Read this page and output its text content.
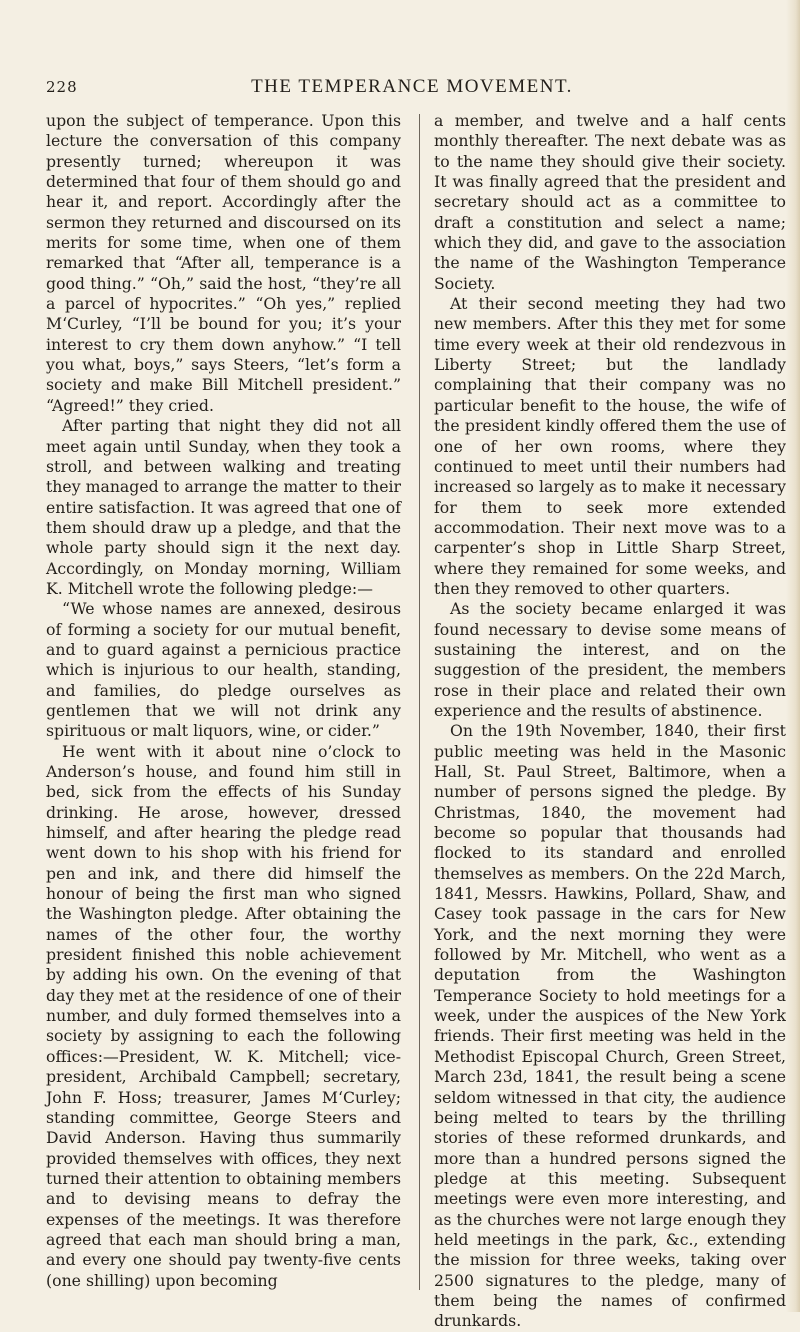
228	THE TEMPERANCE MOVEMENT.

upon the subject of temperance. Upon this lecture the conversation of this company presently turned; whereupon it was determined that four of them should go and hear it, and report. Accordingly after the sermon they returned and discoursed on its merits for some time, when one of them remarked that “After all, temperance is a good thing.” “Oh,” said the host, “they’re all a parcel of hypocrites.” “Oh yes,” replied M‘Curley, “I’ll be bound for you; it’s your interest to cry them down anyhow.” “I tell you what, boys,” says Steers, “let’s form a society and make Bill Mitchell president.” “Agreed!” they cried.

After parting that night they did not all meet again until Sunday, when they took a stroll, and between walking and treating they managed to arrange the matter to their entire satisfaction. It was agreed that one of them should draw up a pledge, and that the whole party should sign it the next day. Accordingly, on Monday morning, William K. Mitchell wrote the following pledge:—

“We whose names are annexed, desirous of forming a society for our mutual benefit, and to guard against a pernicious practice which is injurious to our health, standing, and families, do pledge ourselves as gentlemen that we will not drink any spirituous or malt liquors, wine, or cider.”

He went with it about nine o’clock to Anderson’s house, and found him still in bed, sick from the effects of his Sunday drinking. He arose, however, dressed himself, and after hearing the pledge read went down to his shop with his friend for pen and ink, and there did himself the honour of being the first man who signed the Washington pledge. After obtaining the names of the other four, the worthy president finished this noble achievement by adding his own. On the evening of that day they met at the residence of one of their number, and duly formed themselves into a society by assigning to each the following offices:—President, W. K. Mitchell; vice-president, Archibald Campbell; secretary, John F. Hoss; treasurer, James M‘Curley; standing committee, George Steers and David Anderson. Having thus summarily provided themselves with offices, they next turned their attention to obtaining members and to devising means to defray the expenses of the meetings. It was therefore agreed that each man should bring a man, and every one should pay twenty-five cents (one shilling) upon becoming

a member, and twelve and a half cents monthly thereafter. The next debate was as to the name they should give their society. It was finally agreed that the president and secretary should act as a committee to draft a constitution and select a name; which they did, and gave to the association the name of the Washington Temperance Society.

At their second meeting they had two new members. After this they met for some time every week at their old rendezvous in Liberty Street; but the landlady complaining that their company was no particular benefit to the house, the wife of the president kindly offered them the use of one of her own rooms, where they continued to meet until their numbers had increased so largely as to make it necessary for them to seek more extended accommodation. Their next move was to a carpenter’s shop in Little Sharp Street, where they remained for some weeks, and then they removed to other quarters.

As the society became enlarged it was found necessary to devise some means of sustaining the interest, and on the suggestion of the president, the members rose in their place and related their own experience and the results of abstinence.

On the 19th November, 1840, their first public meeting was held in the Masonic Hall, St. Paul Street, Baltimore, when a number of persons signed the pledge. By Christmas, 1840, the movement had become so popular that thousands had flocked to its standard and enrolled themselves as members. On the 22d March, 1841, Messrs. Hawkins, Pollard, Shaw, and Casey took passage in the cars for New York, and the next morning they were followed by Mr. Mitchell, who went as a deputation from the Washington Temperance Society to hold meetings for a week, under the auspices of the New York friends. Their first meeting was held in the Methodist Episcopal Church, Green Street, March 23d, 1841, the result being a scene seldom witnessed in that city, the audience being melted to tears by the thrilling stories of these reformed drunkards, and more than a hundred persons signed the pledge at this meeting. Subsequent meetings were even more interesting, and as the churches were not large enough they held meetings in the park, &c., extending the mission for three weeks, taking over 2500 signatures to the pledge, many of them being the names of confirmed drunkards.
